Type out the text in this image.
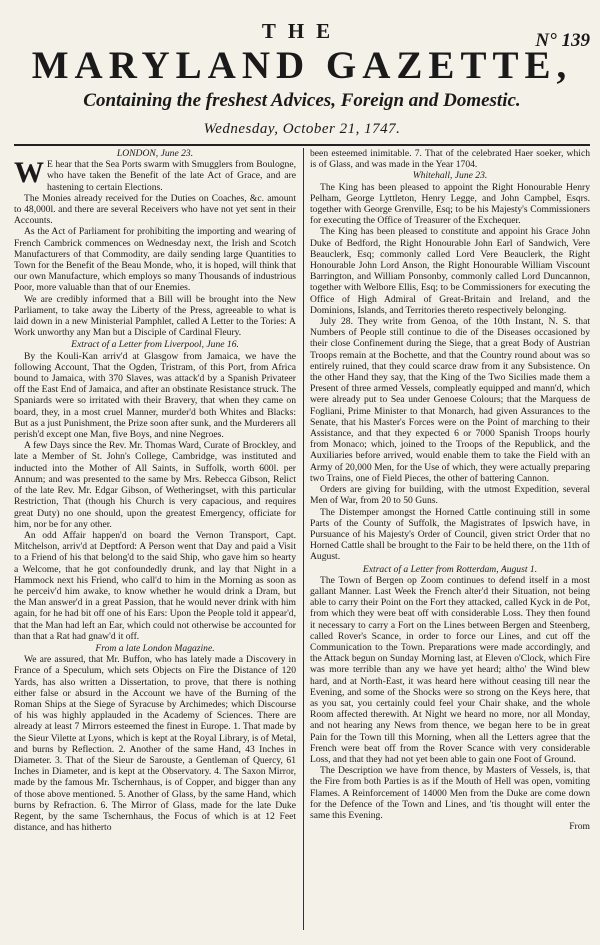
THE	N° 139
MARYLAND GAZETTE,
Containing the freshest Advices, Foreign and Domestic.
Wednesday, October 21, 1747.

LONDON, June 23.

W E hear that the Sea Ports swarm with Smugglers from Boulogne, who have taken the Benefit of the late Act of Grace, and are hastening to certain Elections.

The Monies already received for the Duties on Coaches, &c. amount to 48,000l. and there are several Receivers who have not yet sent in their Accounts.

As the Act of Parliament for prohibiting the importing and wearing of French Cambrick commences on Wednesday next, the Irish and Scotch Manufacturers of that Commodity, are daily sending large Quantities to Town for the Benefit of the Beau Monde, who, it is hoped, will think that our own Manufacture, which employs so many Thousands of industrious Poor, more valuable than that of our Enemies.

We are credibly informed that a Bill will be brought into the New Parliament, to take away the Liberty of the Press, agreeable to what is laid down in a new Ministerial Pamphlet, called A Letter to the Tories: A Work unworthy any Man but a Disciple of Cardinal Fleury.

Extract of a Letter from Liverpool, June 16.

By the Kouli-Kan arriv'd at Glasgow from Jamaica, we have the following Account, That the Ogden, Tristram, of this Port, from Africa bound to Jamaica, with 370 Slaves, was attack'd by a Spanish Privateer off the East End of Jamaica, and after an obstinate Resistance struck. The Spaniards were so irritated with their Bravery, that when they came on board, they, in a most cruel Manner, murder'd both Whites and Blacks: But as a just Punishment, the Prize soon after sunk, and the Murderers all perish'd except one Man, five Boys, and nine Negroes.

A few Days since the Rev. Mr. Thomas Ward, Curate of Brockley, and late a Member of St. John's College, Cambridge, was instituted and inducted into the Mother of All Saints, in Suffolk, worth 600l. per Annum; and was presented to the same by Mrs. Rebecca Gibson, Relict of the late Rev. Mr. Edgar Gibson, of Wetheringset, with this particular Restriction, That (though his Church is very capacious, and requires great Duty) no one should, upon the greatest Emergency, officiate for him, nor be for any other.

An odd Affair happen'd on board the Vernon Transport, Capt. Mitchelson, arriv'd at Deptford: A Person went that Day and paid a Visit to a Friend of his that belong'd to the said Ship, who gave him so hearty a Welcome, that he got confoundedly drunk, and lay that Night in a Hammock next his Friend, who call'd to him in the Morning as soon as he perceiv'd him awake, to know whether he would drink a Dram, but the Man answer'd in a great Passion, that he would never drink with him again, for he had bit off one of his Ears: Upon the People told it appear'd, that the Man had left an Ear, which could not otherwise be accounted for than that a Rat had gnaw'd it off.

From a late London Magazine.

We are assured, that Mr. Buffon, who has lately made a Discovery in France of a Speculum, which sets Objects on Fire the Distance of 120 Yards, has also written a Dissertation, to prove, that there is nothing either false or absurd in the Account we have of the Burning of the Roman Ships at the Siege of Syracuse by Archimedes; which Discourse of his was highly applauded in the Academy of Sciences. There are already at least 7 Mirrors esteemed the finest in Europe. 1. That made by the Sieur Vilette at Lyons, which is kept at the Royal Library, is of Metal, and burns by Reflection. 2. Another of the same Hand, 43 Inches in Diameter. 3. That of the Sieur de Sarouste, a Gentleman of Quercy, 61 Inches in Diameter, and is kept at the Observatory. 4. The Saxon Mirror, made by the famous Mr. Tschernhaus, is of Copper, and bigger than any of those above mentioned. 5. Another of Glass, by the same Hand, which burns by Refraction. 6. The Mirror of Glass, made for the late Duke Regent, by the same Tschernhaus, the Focus of which is at 12 Feet distance, and has hitherto

been esteemed inimitable. 7. That of the celebrated Haer soeker, which is of Glass, and was made in the Year 1704.

Whitehall, June 23.

The King has been pleased to appoint the Right Honourable Henry Pelham, George Lyttleton, Henry Legge, and John Campbel, Esqrs. together with George Grenville, Esq; to be his Majesty's Commissioners for executing the Office of Treasurer of the Exchequer.

The King has been pleased to constitute and appoint his Grace John Duke of Bedford, the Right Honourable John Earl of Sandwich, Vere Beauclerk, Esq; commonly called Lord Vere Beauclerk, the Right Honourable John Lord Anson, the Right Honourable William Viscount Barrington, and William Ponsonby, commonly called Lord Duncannon, together with Welbore Ellis, Esq; to be Commissioners for executing the Office of High Admiral of Great-Britain and Ireland, and the Dominions, Islands, and Territories thereto respectively belonging.

July 28. They write from Genoa, of the 10th Instant, N. S. that Numbers of People still continue to die of the Diseases occasioned by their close Confinement during the Siege, that a great Body of Austrian Troops remain at the Bochette, and that the Country round about was so entirely ruined, that they could scarce draw from it any Subsistence. On the other Hand they say, that the King of the Two Sicilies made them a Present of three armed Vessels, compleatly equipped and mann'd, which were already put to Sea under Genoese Colours; that the Marquess de Fogliani, Prime Minister to that Monarch, had given Assurances to the Senate, that his Master's Forces were on the Point of marching to their Assistance, and that they expected 6 or 7000 Spanish Troops hourly from Monaco; which, joined to the Troops of the Republick, and the Auxiliaries before arrived, would enable them to take the Field with an Army of 20,000 Men, for the Use of which, they were actually preparing two Trains, one of Field Pieces, the other of battering Cannon.

Orders are giving for building, with the utmost Expedition, several Men of War, from 20 to 50 Guns.

The Distemper amongst the Horned Cattle continuing still in some Parts of the County of Suffolk, the Magistrates of Ipswich have, in Pursuance of his Majesty's Order of Council, given strict Order that no Horned Cattle shall be brought to the Fair to be held there, on the 11th of August.

Extract of a Letter from Rotterdam, August 1.

The Town of Bergen op Zoom continues to defend itself in a most gallant Manner. Last Week the French alter'd their Situation, not being able to carry their Point on the Fort they attacked, called Kyck in de Pot, from which they were beat off with considerable Loss. They then found it necessary to carry a Fort on the Lines between Bergen and Steenberg, called Rover's Scance, in order to force our Lines, and cut off the Communication to the Town. Preparations were made accordingly, and the Attack begun on Sunday Morning last, at Eleven o'Clock, which Fire was more terrible than any we have yet heard; altho' the Wind blew hard, and at North-East, it was heard here without ceasing till near the Evening, and some of the Shocks were so strong on the Keys here, that as you sat, you certainly could feel your Chair shake, and the whole Room affected therewith. At Night we heard no more, nor all Monday, and not hearing any News from thence, we began here to be in great Pain for the Town till this Morning, when all the Letters agree that the French were beat off from the Rover Scance with very considerable Loss, and that they had not yet been able to gain one Foot of Ground.

The Description we have from thence, by Masters of Vessels, is, that the Fire from both Parties is as if the Mouth of Hell was open, vomiting Flames. A Reinforcement of 14000 Men from the Duke are come down for the Defence of the Town and Lines, and 'tis thought will enter the same this Evening.

From
